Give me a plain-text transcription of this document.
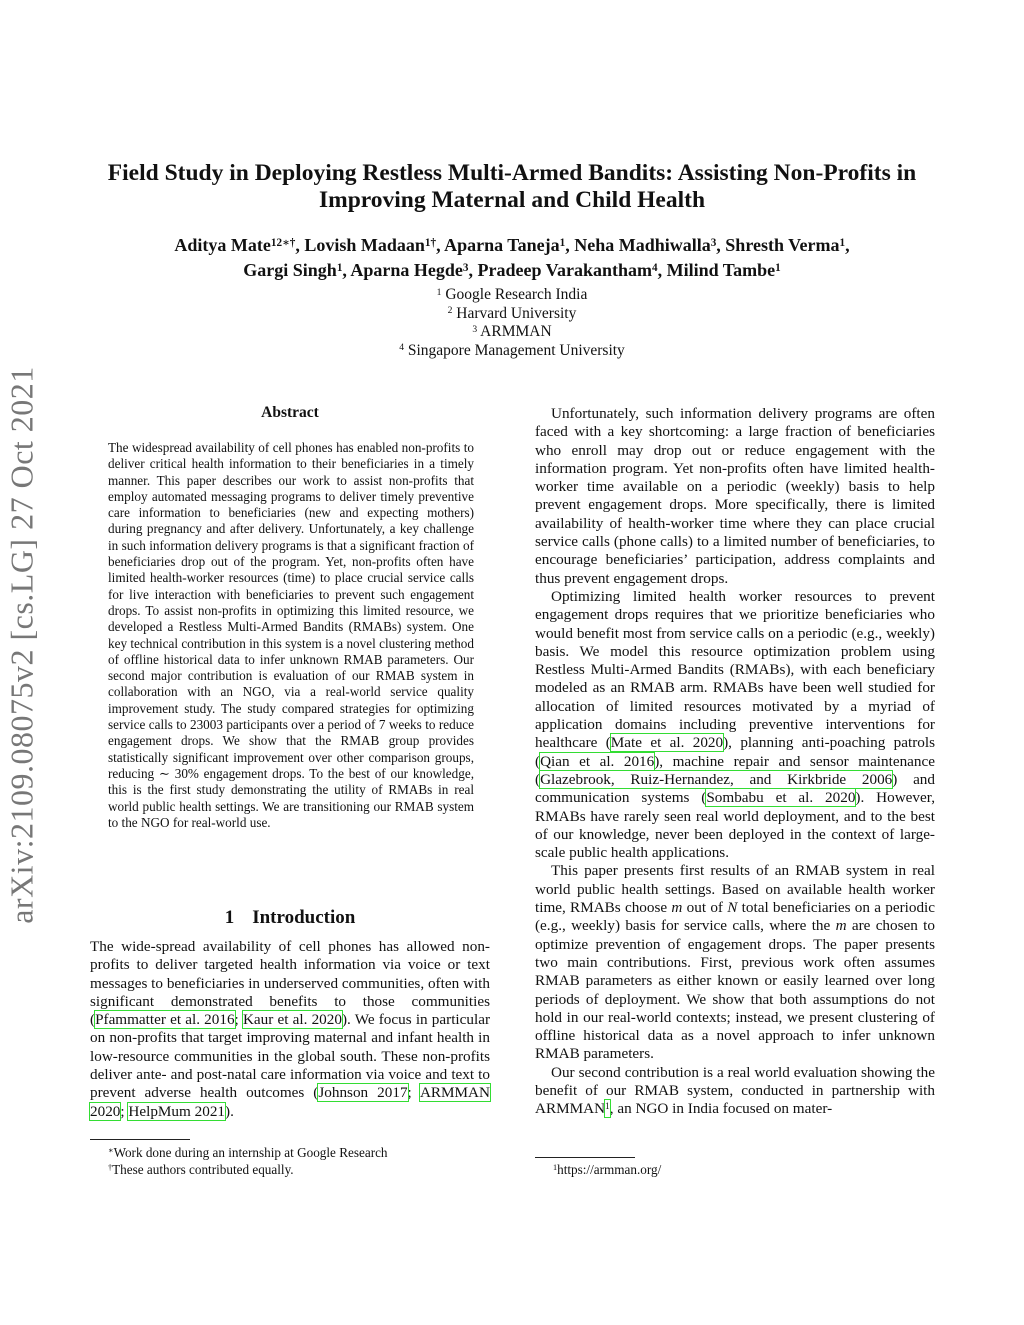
arXiv:2109.08075v2 [cs.LG] 27 Oct 2021
Field Study in Deploying Restless Multi-Armed Bandits: Assisting Non-Profits in
Improving Maternal and Child Health
Aditya Mate$^{12∗\dagger}$, Lovish Madaan$^{1\dagger}$, Aparna Taneja$^1$, Neha Madhiwalla$^3$, Shresth Verma$^1$,
Gargi Singh$^1$, Aparna Hegde$^3$, Pradeep Varakantham$^4$, Milind Tambe$^1$
$^1$ Google Research India
$^2$ Harvard University
$^3$ ARMMAN
$^4$ Singapore Management University
Abstract
The widespread availability of cell phones has enabled non-profits to deliver critical health information to their beneficiaries in a timely manner. This paper describes our work to assist non-profits that employ automated messaging programs to deliver timely preventive care information to beneficiaries (new and expecting mothers) during pregnancy and after delivery. Unfortunately, a key challenge in such information delivery programs is that a significant fraction of beneficiaries drop out of the program. Yet, non-profits often have limited health-worker resources (time) to place crucial service calls for live interaction with beneficiaries to prevent such engagement drops. To assist non-profits in optimizing this limited resource, we developed a Restless Multi-Armed Bandits (RMABs) system. One key technical contribution in this system is a novel clustering method of offline historical data to infer unknown RMAB parameters. Our second major contribution is evaluation of our RMAB system in collaboration with an NGO, via a real-world service quality improvement study. The study compared strategies for optimizing service calls to 23003 participants over a period of 7 weeks to reduce engagement drops. We show that the RMAB group provides statistically significant improvement over other comparison groups, reducing ∼ 30% engagement drops. To the best of our knowledge, this is the first study demonstrating the utility of RMABs in real world public health settings. We are transitioning our RMAB system to the NGO for real-world use.
1 Introduction

The wide-spread availability of cell phones has allowed non-profits to deliver targeted health information via voice or text messages to beneficiaries in underserved communities, often with significant demonstrated benefits to those communities (Pfammatter et al. 2016; Kaur et al. 2020). We focus in particular on non-profits that target improving maternal and infant health in low-resource communities in the global south. These non-profits deliver ante- and post-natal care information via voice and text to prevent adverse health outcomes (Johnson 2017; ARMMAN 2020; HelpMum 2021).

Unfortunately, such information delivery programs are often faced with a key shortcoming: a large fraction of beneficiaries who enroll may drop out or reduce engagement with the information program. Yet non-profits often have limited health-worker time available on a periodic (weekly) basis to help prevent engagement drops. More specifically, there is limited availability of health-worker time where they can place crucial service calls (phone calls) to a limited number of beneficiaries, to encourage beneficiaries’ participation, address complaints and thus prevent engagement drops.

Optimizing limited health worker resources to prevent engagement drops requires that we prioritize beneficiaries who would benefit most from service calls on a periodic (e.g., weekly) basis. We model this resource optimization problem using Restless Multi-Armed Bandits (RMABs), with each beneficiary modeled as an RMAB arm. RMABs have been well studied for allocation of limited resources motivated by a myriad of application domains including preventive interventions for healthcare (Mate et al. 2020), planning anti-poaching patrols (Qian et al. 2016), machine repair and sensor maintenance (Glazebrook, Ruiz-Hernandez, and Kirkbride 2006) and communication systems (Sombabu et al. 2020). However, RMABs have rarely seen real world deployment, and to the best of our knowledge, never been deployed in the context of large-scale public health applications.

This paper presents first results of an RMAB system in real world public health settings. Based on available health worker time, RMABs choose m out of N total beneficiaries on a periodic (e.g., weekly) basis for service calls, where the m are chosen to optimize prevention of engagement drops. The paper presents two main contributions. First, previous work often assumes RMAB parameters as either known or easily learned over long periods of deployment. We show that both assumptions do not hold in our real-world contexts; instead, we present clustering of offline historical data as a novel approach to infer unknown RMAB parameters.

Our second contribution is a real world evaluation showing the benefit of our RMAB system, conducted in partnership with ARMMAN$^1$, an NGO in India focused on mater-

∗Work done during an internship at Google Research
†These authors contributed equally.	$^1$https://armman.org/
